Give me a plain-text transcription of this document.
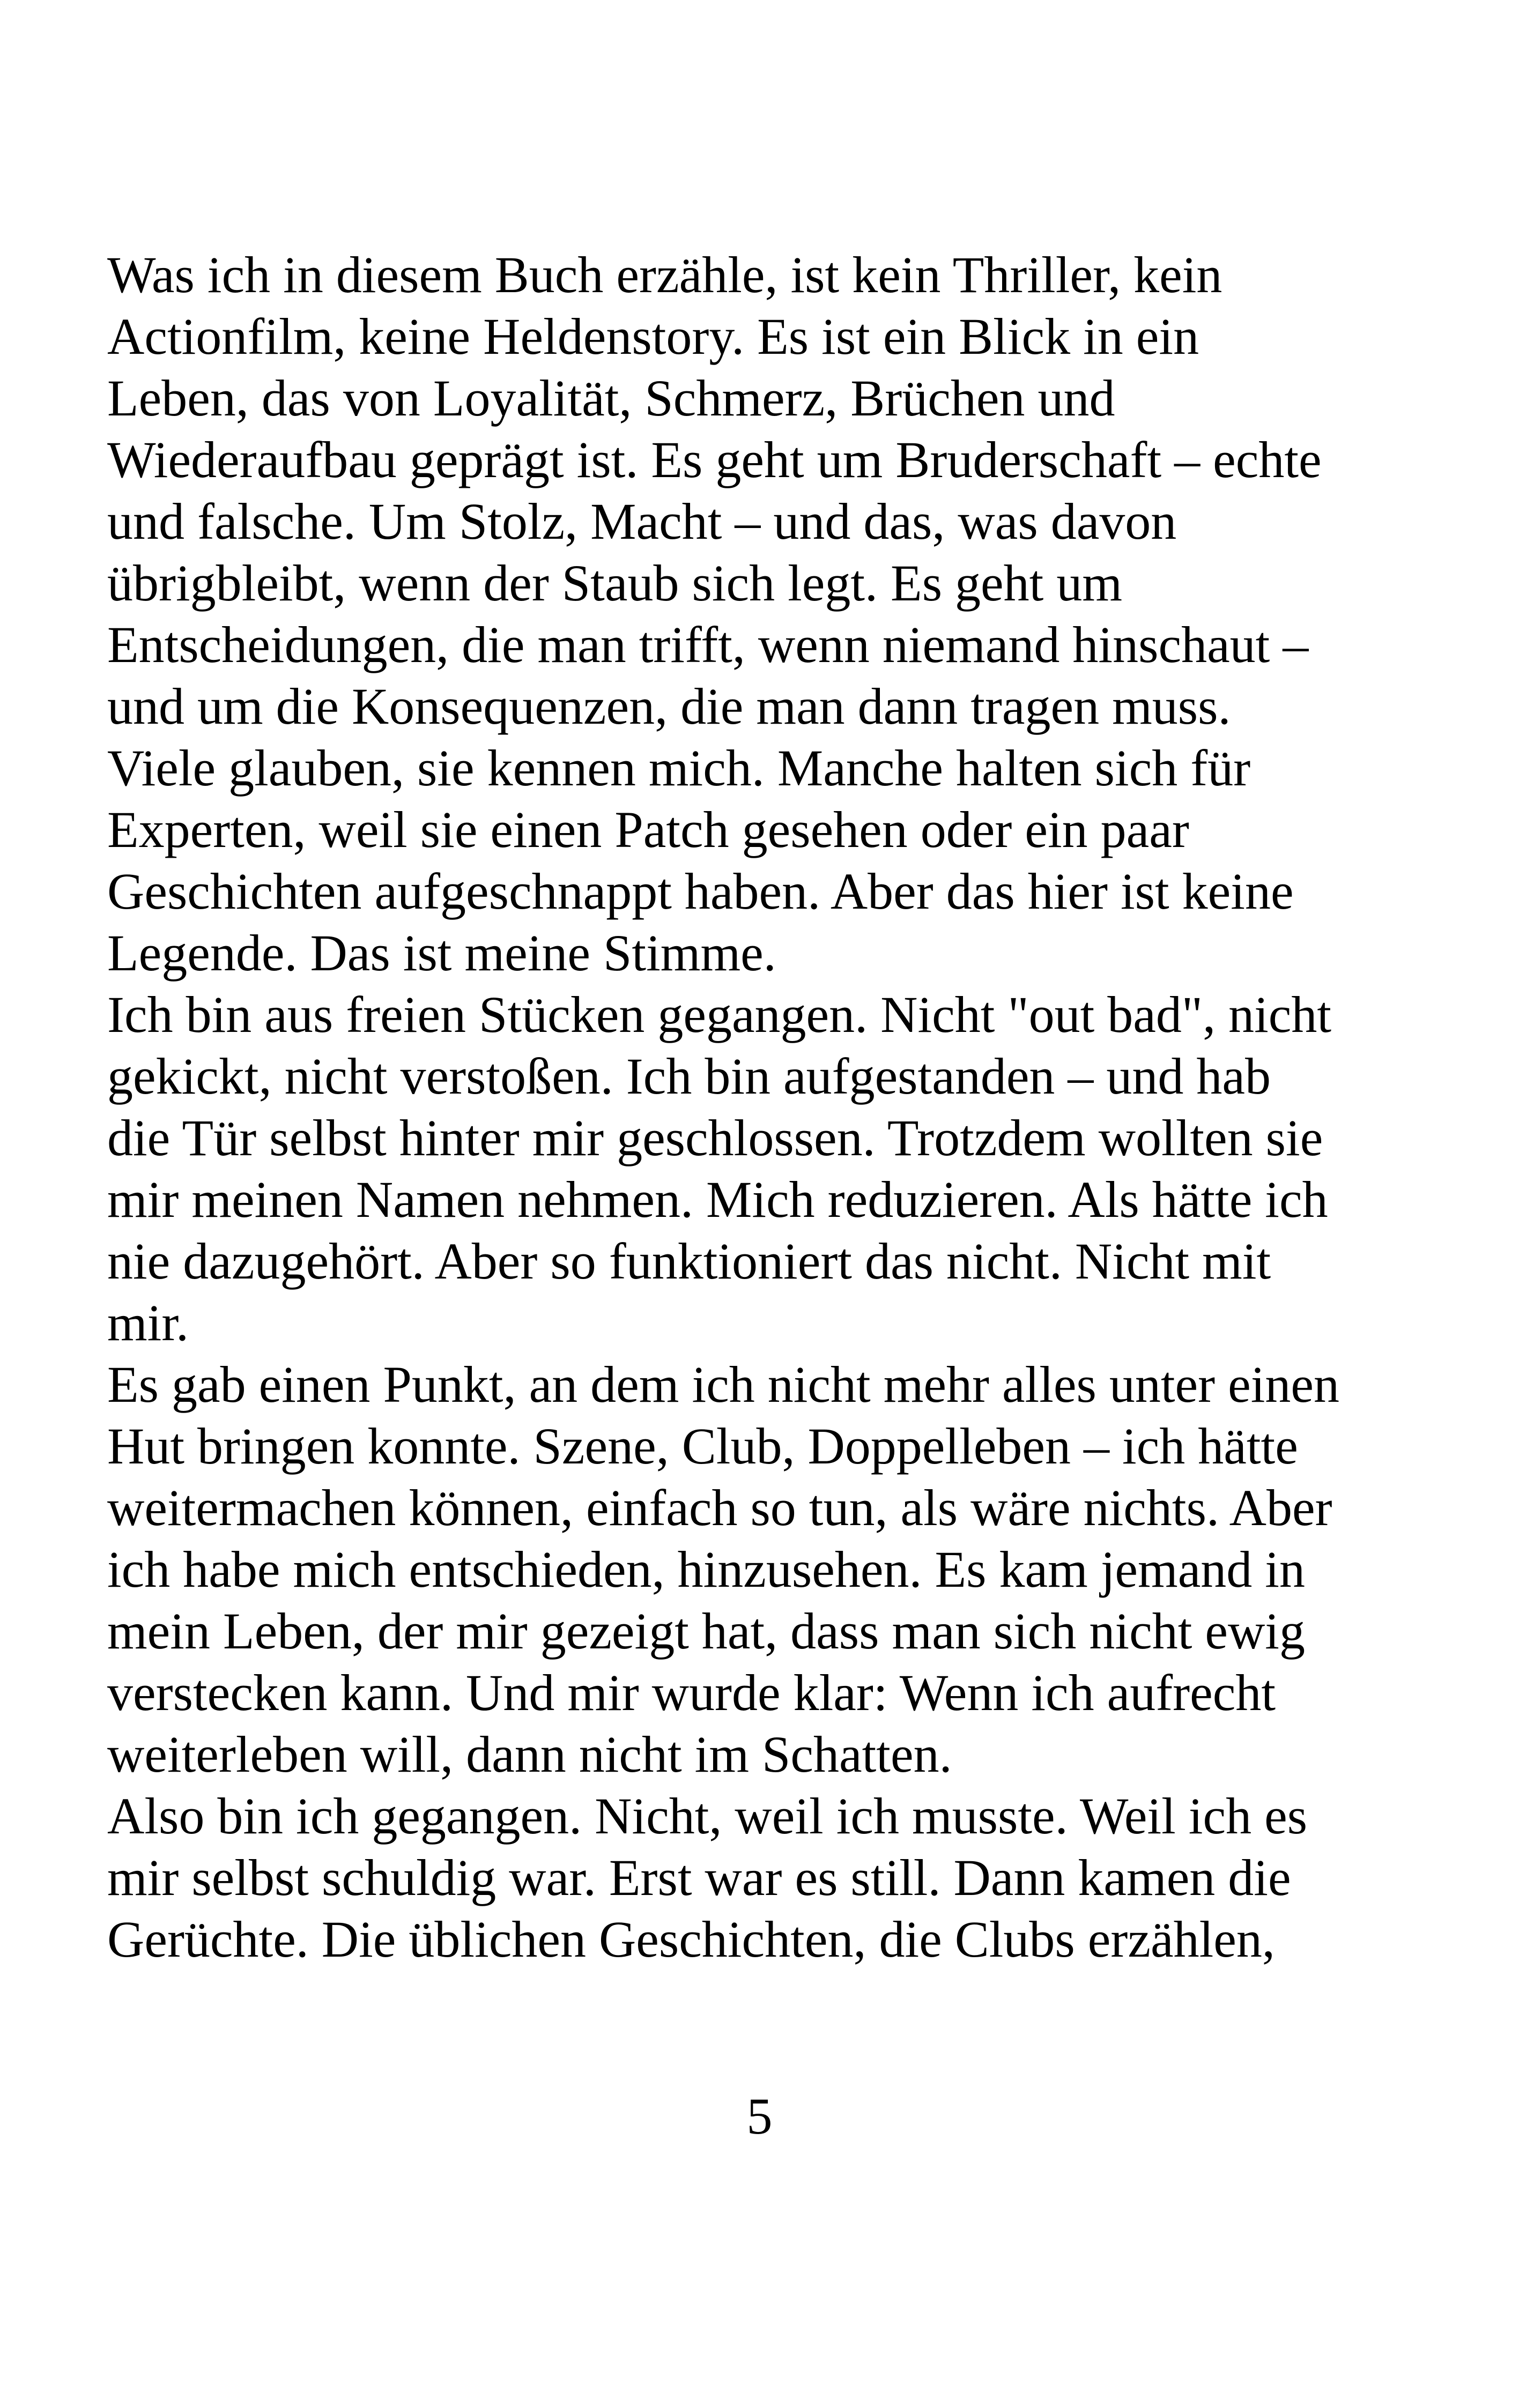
Was ich in diesem Buch erzähle, ist kein Thriller, kein
Actionfilm, keine Heldenstory. Es ist ein Blick in ein
Leben, das von Loyalität, Schmerz, Brüchen und
Wiederaufbau geprägt ist. Es geht um Bruderschaft – echte
und falsche. Um Stolz, Macht – und das, was davon
übrigbleibt, wenn der Staub sich legt. Es geht um
Entscheidungen, die man trifft, wenn niemand hinschaut –
und um die Konsequenzen, die man dann tragen muss.
Viele glauben, sie kennen mich. Manche halten sich für
Experten, weil sie einen Patch gesehen oder ein paar
Geschichten aufgeschnappt haben. Aber das hier ist keine
Legende. Das ist meine Stimme.
Ich bin aus freien Stücken gegangen. Nicht "out bad", nicht
gekickt, nicht verstoßen. Ich bin aufgestanden – und hab
die Tür selbst hinter mir geschlossen. Trotzdem wollten sie
mir meinen Namen nehmen. Mich reduzieren. Als hätte ich
nie dazugehört. Aber so funktioniert das nicht. Nicht mit
mir.
Es gab einen Punkt, an dem ich nicht mehr alles unter einen
Hut bringen konnte. Szene, Club, Doppelleben – ich hätte
weitermachen können, einfach so tun, als wäre nichts. Aber
ich habe mich entschieden, hinzusehen. Es kam jemand in
mein Leben, der mir gezeigt hat, dass man sich nicht ewig
verstecken kann. Und mir wurde klar: Wenn ich aufrecht
weiterleben will, dann nicht im Schatten.
Also bin ich gegangen. Nicht, weil ich musste. Weil ich es
mir selbst schuldig war. Erst war es still. Dann kamen die
Gerüchte. Die üblichen Geschichten, die Clubs erzählen,
5
